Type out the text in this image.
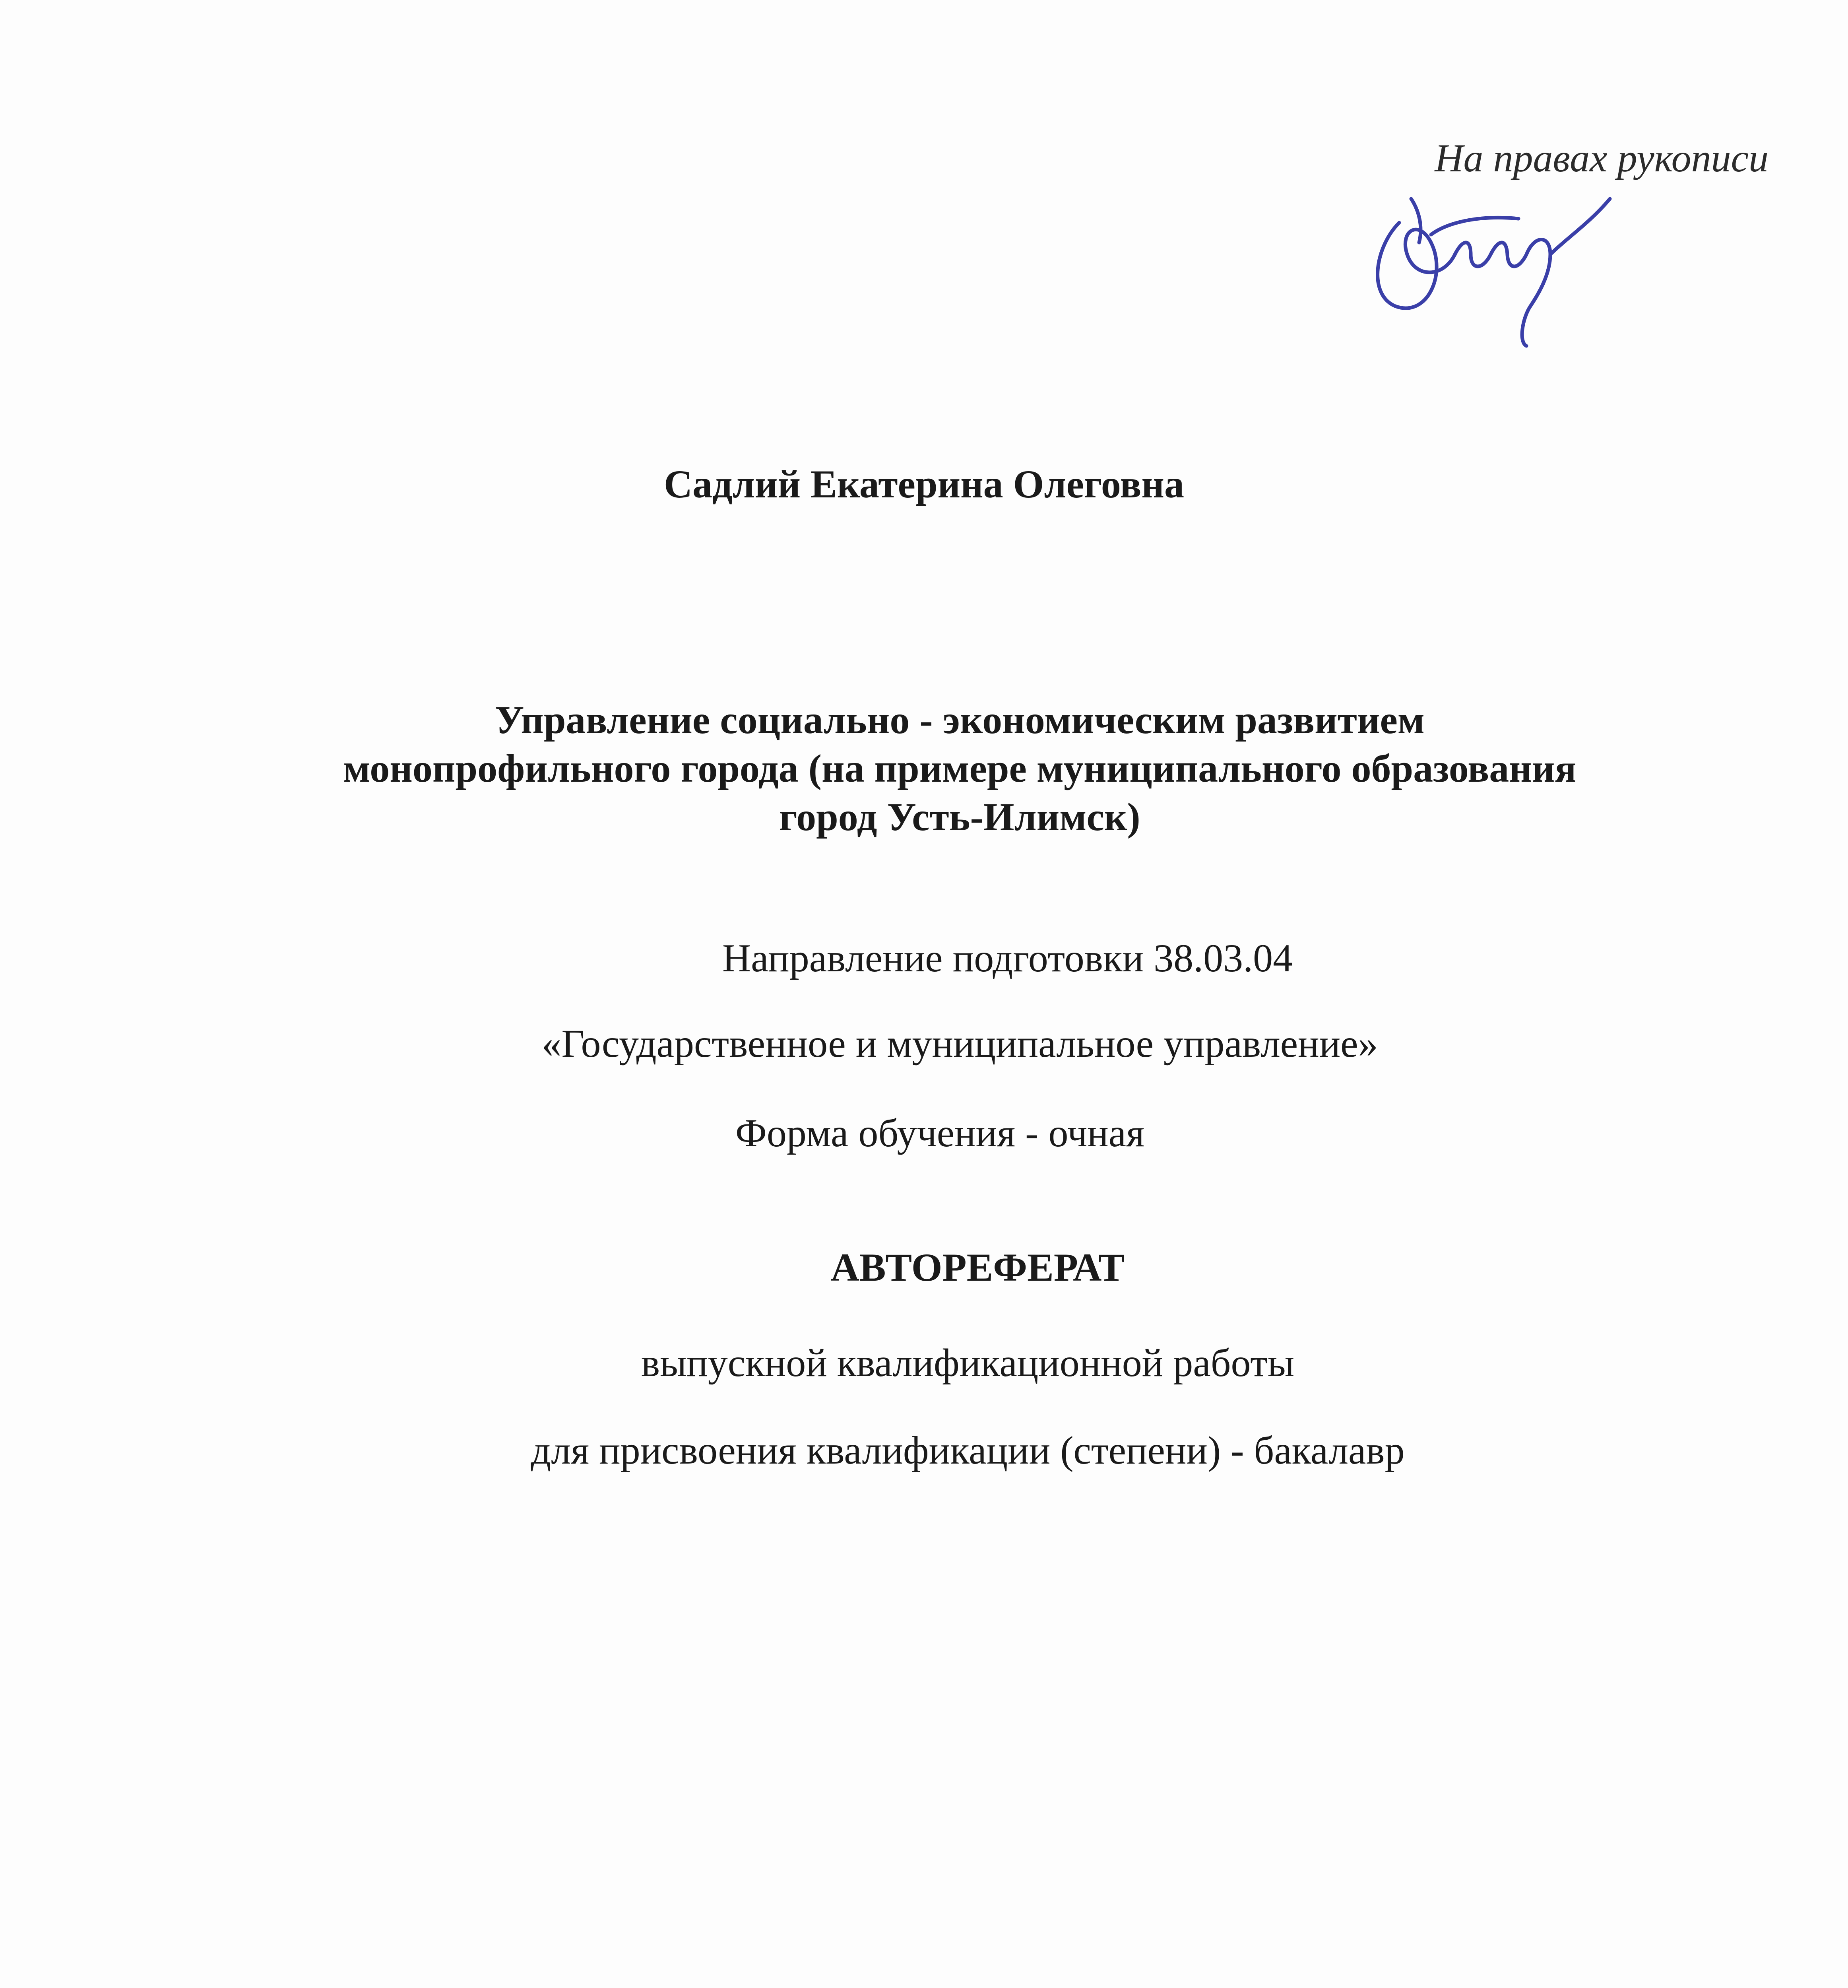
На правах рукописи
Садлий Екатерина Олеговна
Управление социально - экономическим развитием
монопрофильного города (на примере муниципального образования
город Усть-Илимск)
Направление подготовки 38.03.04
«Государственное и муниципальное управление»
Форма обучения - очная
АВТОРЕФЕРАТ
выпускной квалификационной работы
для присвоения квалификации (степени) - бакалавр
